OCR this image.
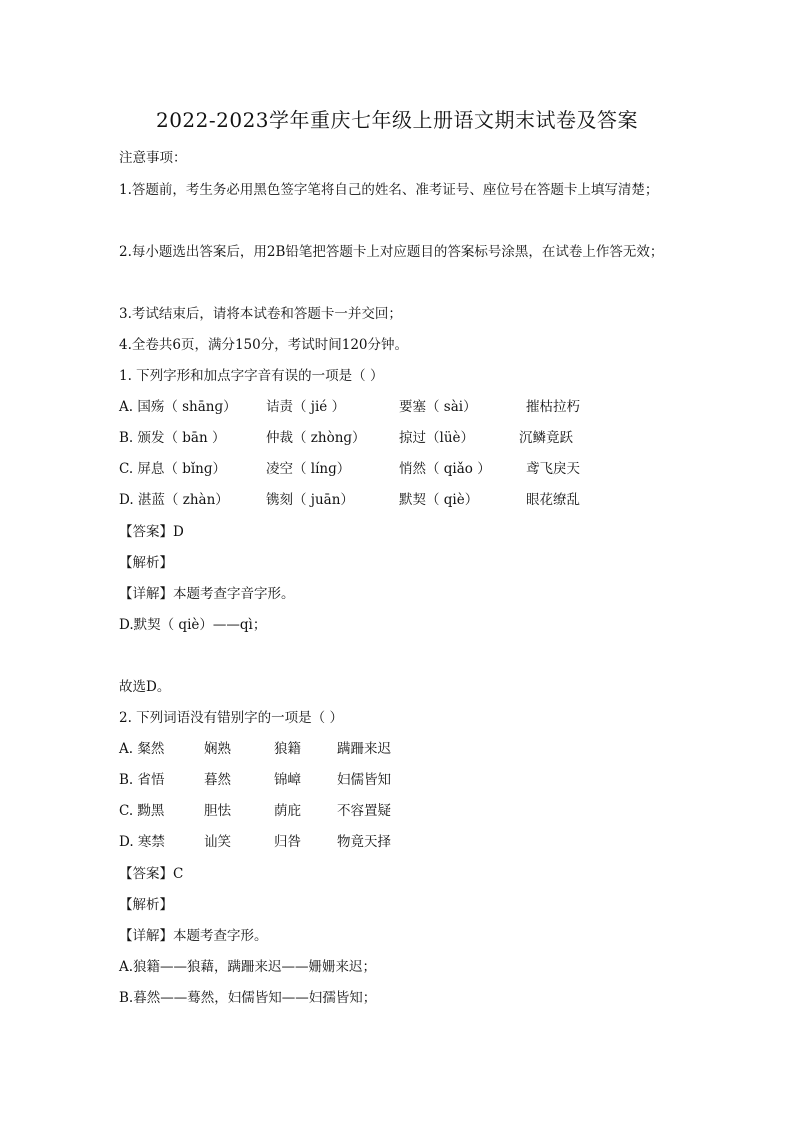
2022-2023学年重庆七年级上册语文期末试卷及答案
注意事项：
1.答题前，考生务必用黑色签字笔将自己的姓名、准考证号、座位号在答题卡上填写清楚；
2.每小题选出答案后，用2B铅笔把答题卡上对应题目的答案标号涂黑，在试卷上作答无效；
3.考试结束后，请将本试卷和答题卡一并交回；
4.全卷共6页，满分150分，考试时间120分钟。
1. 下列字形和加点字字音有误的一项是（ ）
A. 国殇（ shānɡ） 诘责（ jié ）	要塞（ sài）	摧枯拉朽
B. 颁发（ bān ）	仲裁（ zhònɡ） 掠过（lüè）	沉鳞竟跃
C. 屏息（ bǐnɡ）	凌空（ línɡ）	悄然（ qiǎo ）	鸢飞戾天
D. 湛蓝（ zhàn）	镌刻（ juān）	默契（ qiè）	眼花缭乱
【答案】D
【解析】
【详解】本题考查字音字形。
D.默契（ qiè）——qì；
故选D。
2. 下列词语没有错别字的一项是（ ）
A. 粲然	娴熟	狼籍	蹒跚来迟
B. 省悟	暮然	锦嶂	妇儒皆知
C. 黝黑	胆怯	荫庇	不容置疑
D. 寒禁	讪笑	归咎	物竟天择
【答案】C
【解析】
【详解】本题考查字形。
A.狼籍——狼藉，蹒跚来迟——姗姗来迟；
B.暮然——蓦然，妇儒皆知——妇孺皆知；
